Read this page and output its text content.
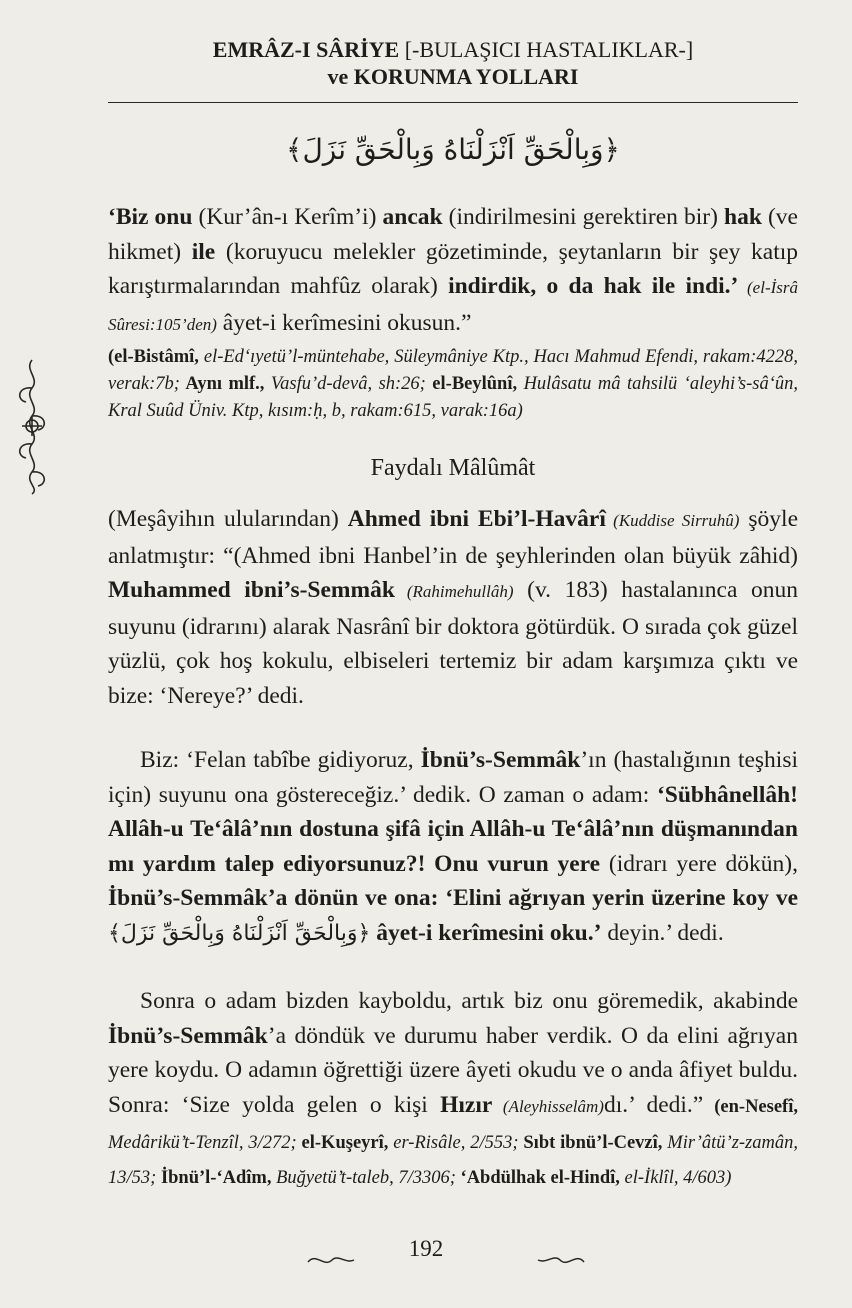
EMRÂZ-I SÂRİYE [-BULAŞICI HASTALIKLAR-]
ve KORUNMA YOLLARI
﴿وَبِالْحَقِّ اَنْزَلْنَاهُ وَبِالْحَقِّ نَزَلَ﴾

‘Biz onu (Kur’ân-ı Kerîm’i) ancak (indirilmesini gerektiren bir) hak (ve hikmet) ile (koruyucu melekler gözetiminde, şeytanların bir şey katıp karıştırmalarından mahfûz olarak) indirdik, o da hak ile indi.’ (el-İsrâ Sûresi:105’den) âyet-i kerîmesini okusun.”

(el-Bistâmî, el-Ed‘ıyetü’l-müntehabe, Süleymâniye Ktp., Hacı Mahmud Efendi, rakam:4228, verak:7b; Aynı mlf., Vasfu’d-devâ, sh:26; el-Beylûnî, Hulâsatu mâ tahsilü ‘aleyhi’s-sâ‘ûn, Kral Suûd Üniv. Ktp, kısım:ḥ, b, rakam:615, varak:16a)

Faydalı Mâlûmât

(Meşâyihın ulularından) Ahmed ibni Ebi’l-Havârî (Kuddise Sirruhû) şöyle anlatmıştır: “(Ahmed ibni Hanbel’in de şeyhlerinden olan büyük zâhid) Muhammed ibni’s-Semmâk (Rahimehullâh) (v. 183) hastalanınca onun suyunu (idrarını) alarak Nasrânî bir doktora götürdük. O sırada çok güzel yüzlü, çok hoş kokulu, elbiseleri tertemiz bir adam karşımıza çıktı ve bize: ‘Nereye?’ dedi.

Biz: ‘Felan tabîbe gidiyoruz, İbnü’s-Semmâk’ın (hastalığının teşhisi için) suyunu ona göstereceğiz.’ dedik. O zaman o adam: ‘Sübhânellâh! Allâh-u Te‘âlâ’nın dostuna şifâ için Allâh-u Te‘âlâ’nın düşmanından mı yardım talep ediyorsunuz?! Onu vurun yere (idrarı yere dökün), İbnü’s-Semmâk’a dönün ve ona: ‘Elini ağrıyan yerin üzerine koy ve ﴿وَبِالْحَقِّ اَنْزَلْنَاهُ وَبِالْحَقِّ نَزَلَ﴾ âyet-i kerîmesini oku.’ deyin.’ dedi.

Sonra o adam bizden kayboldu, artık biz onu göremedik, akabinde İbnü’s-Semmâk’a döndük ve durumu haber verdik. O da elini ağrıyan yere koydu. O adamın öğrettiği üzere âyeti okudu ve o anda âfiyet buldu. Sonra: ‘Size yolda gelen o kişi Hızır (Aleyhisselâm)dı.’ dedi.” (en-Nesefî, Medârikü’t-Tenzîl, 3/272; el-Kuşeyrî, er-Risâle, 2/553; Sıbt ibnü’l-Cevzî, Mir’âtü’z-zamân, 13/53; İbnü’l-‘Adîm, Buğyetü’t-taleb, 7/3306; ‘Abdülhak el-Hindî, el-İklîl, 4/603)

192
